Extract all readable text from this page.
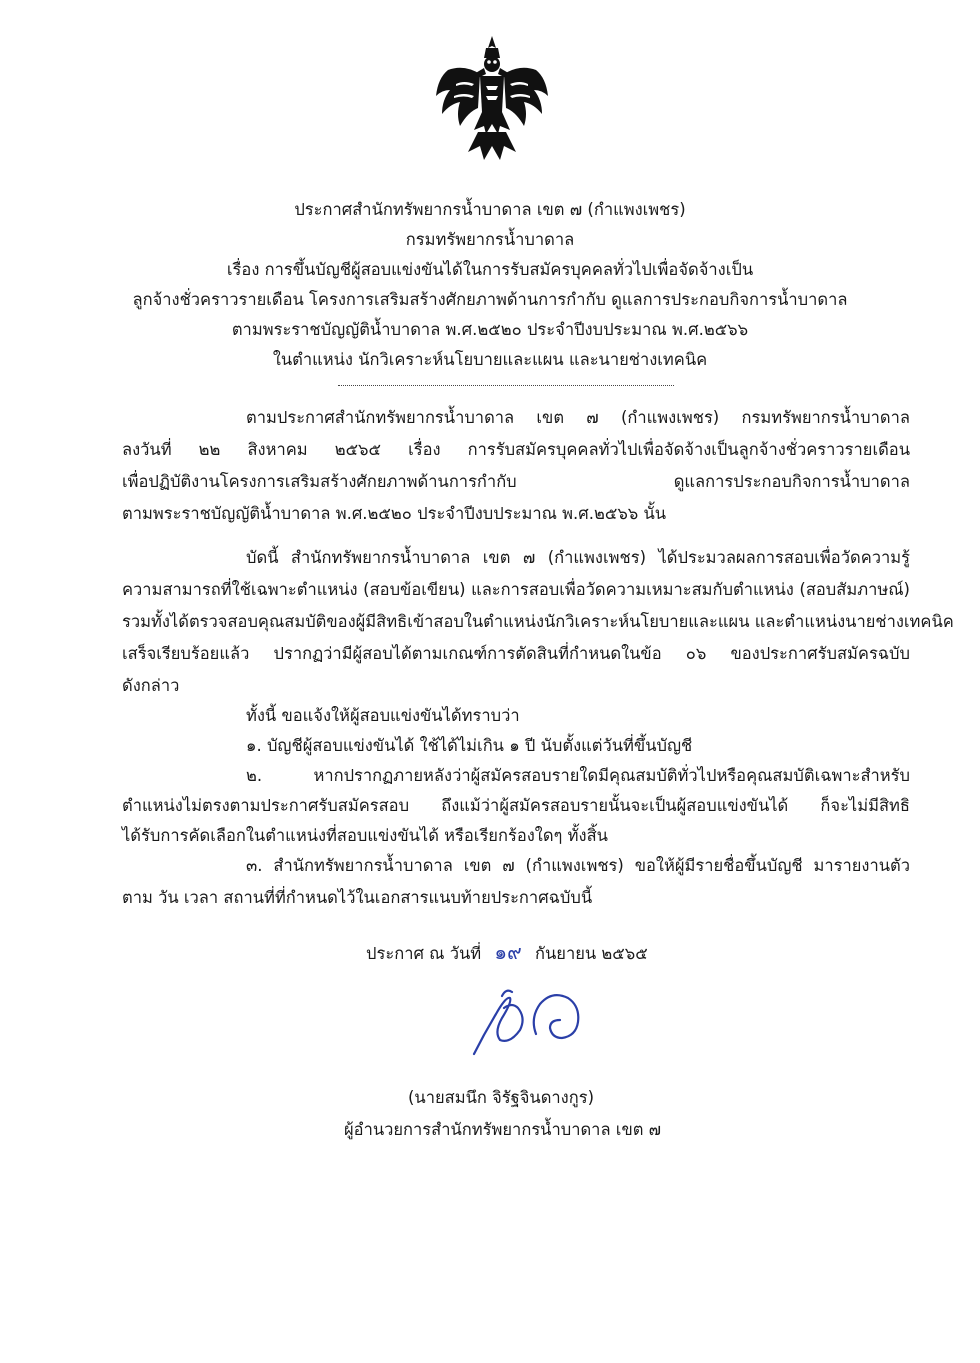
ประกาศสำนักทรัพยากรน้ำบาดาล เขต ๗ (กำแพงเพชร)
กรมทรัพยากรน้ำบาดาล
เรื่อง การขึ้นบัญชีผู้สอบแข่งขันได้ในการรับสมัครบุคคลทั่วไปเพื่อจัดจ้างเป็น
ลูกจ้างชั่วคราวรายเดือน โครงการเสริมสร้างศักยภาพด้านการกำกับ ดูแลการประกอบกิจการน้ำบาดาล
ตามพระราชบัญญัติน้ำบาดาล พ.ศ.๒๕๒๐ ประจำปีงบประมาณ พ.ศ.๒๕๖๖
ในตำแหน่ง นักวิเคราะห์นโยบายและแผน และนายช่างเทคนิค
ตามประกาศสำนักทรัพยากรน้ำบาดาล เขต ๗ (กำแพงเพชร) กรมทรัพยากรน้ำบาดาล
ลงวันที่ ๒๒ สิงหาคม ๒๕๖๕ เรื่อง การรับสมัครบุคคลทั่วไปเพื่อจัดจ้างเป็นลูกจ้างชั่วคราวรายเดือน
เพื่อปฏิบัติงานโครงการเสริมสร้างศักยภาพด้านการกำกับ ดูแลการประกอบกิจการน้ำบาดาล
ตามพระราชบัญญัติน้ำบาดาล พ.ศ.๒๕๒๐ ประจำปีงบประมาณ พ.ศ.๒๕๖๖ นั้น
บัดนี้ สำนักทรัพยากรน้ำบาดาล เขต ๗ (กำแพงเพชร) ได้ประมวลผลการสอบเพื่อวัดความรู้
ความสามารถที่ใช้เฉพาะตำแหน่ง (สอบข้อเขียน) และการสอบเพื่อวัดความเหมาะสมกับตำแหน่ง (สอบสัมภาษณ์)
รวมทั้งได้ตรวจสอบคุณสมบัติของผู้มีสิทธิเข้าสอบในตำแหน่งนักวิเคราะห์นโยบายและแผน และตำแหน่งนายช่างเทคนิค
เสร็จเรียบร้อยแล้ว ปรากฏว่ามีผู้สอบได้ตามเกณฑ์การตัดสินที่กำหนดในข้อ ๐๖ ของประกาศรับสมัครฉบับ
ดังกล่าว
ทั้งนี้ ขอแจ้งให้ผู้สอบแข่งขันได้ทราบว่า
๑. บัญชีผู้สอบแข่งขันได้ ใช้ได้ไม่เกิน ๑ ปี นับตั้งแต่วันที่ขึ้นบัญชี
๒. หากปรากฏภายหลังว่าผู้สมัครสอบรายใดมีคุณสมบัติทั่วไปหรือคุณสมบัติเฉพาะสำหรับ
ตำแหน่งไม่ตรงตามประกาศรับสมัครสอบ ถึงแม้ว่าผู้สมัครสอบรายนั้นจะเป็นผู้สอบแข่งขันได้ ก็จะไม่มีสิทธิ
ได้รับการคัดเลือกในตำแหน่งที่สอบแข่งขันได้ หรือเรียกร้องใดๆ ทั้งสิ้น
๓. สำนักทรัพยากรน้ำบาดาล เขต ๗ (กำแพงเพชร) ขอให้ผู้มีรายชื่อขึ้นบัญชี มารายงานตัว
ตาม วัน เวลา สถานที่ที่กำหนดไว้ในเอกสารแนบท้ายประกาศฉบับนี้
ประกาศ ณ วันที่ ๑๙ กันยายน ๒๕๖๕
(นายสมนึก จิรัฐจินดางกูร)
ผู้อำนวยการสำนักทรัพยากรน้ำบาดาล เขต ๗
